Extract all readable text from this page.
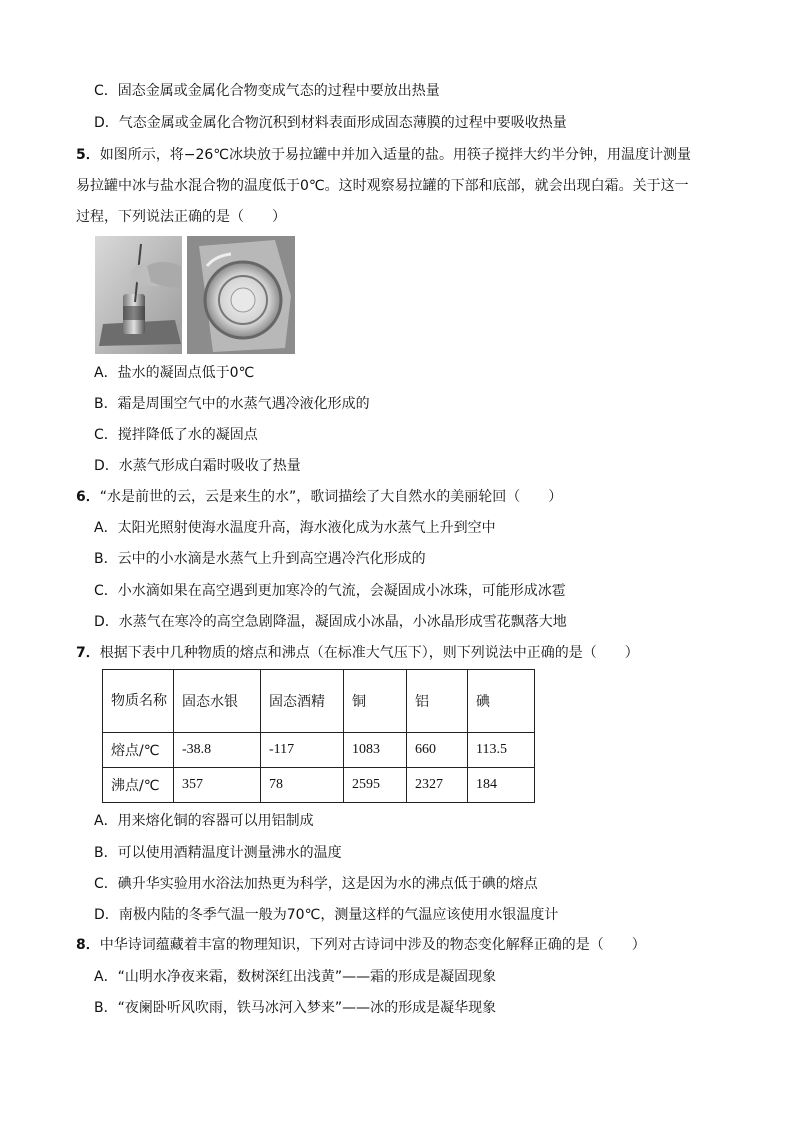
C．固态金属或金属化合物变成气态的过程中要放出热量
D．气态金属或金属化合物沉积到材料表面形成固态薄膜的过程中要吸收热量
5．如图所示，将−26℃冰块放于易拉罐中并加入适量的盐。用筷子搅拌大约半分钟，用温度计测量
易拉罐中冰与盐水混合物的温度低于0℃。这时观察易拉罐的下部和底部，就会出现白霜。关于这一
过程，下列说法正确的是（　　）
A．盐水的凝固点低于0℃
B．霜是周围空气中的水蒸气遇冷液化形成的
C．搅拌降低了水的凝固点
D．水蒸气形成白霜时吸收了热量
6．“水是前世的云，云是来生的水”，歌词描绘了大自然水的美丽轮回（　　）
A．太阳光照射使海水温度升高，海水液化成为水蒸气上升到空中
B．云中的小水滴是水蒸气上升到高空遇冷汽化形成的
C．小水滴如果在高空遇到更加寒冷的气流，会凝固成小冰珠，可能形成冰雹
D．水蒸气在寒冷的高空急剧降温，凝固成小冰晶，小冰晶形成雪花飘落大地
7．根据下表中几种物质的熔点和沸点（在标准大气压下），则下列说法中正确的是（　　）
物质名称	固态水银	固态酒精	铜	铝	碘
熔点/℃	-38.8	-117	1083	660	113.5
沸点/℃	357	78	2595	2327	184
A．用来熔化铜的容器可以用铝制成
B．可以使用酒精温度计测量沸水的温度
C．碘升华实验用水浴法加热更为科学，这是因为水的沸点低于碘的熔点
D．南极内陆的冬季气温一般为70℃，测量这样的气温应该使用水银温度计
8．中华诗词蕴藏着丰富的物理知识，下列对古诗词中涉及的物态变化解释正确的是（　　）
A．“山明水净夜来霜，数树深红出浅黄”——霜的形成是凝固现象
B．“夜阑卧听风吹雨，铁马冰河入梦来”——冰的形成是凝华现象
